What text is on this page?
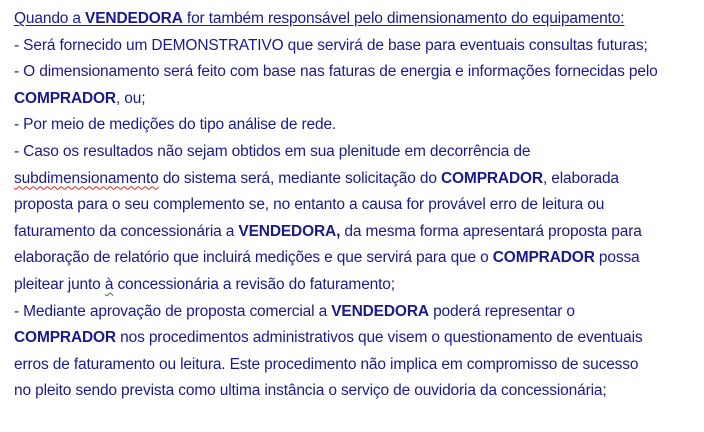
Quando a VENDEDORA for também responsável pelo dimensionamento do equipamento:
- Será fornecido um DEMONSTRATIVO que servirá de base para eventuais consultas futuras;
- O dimensionamento será feito com base nas faturas de energia e informações fornecidas pelo
COMPRADOR, ou;
- Por meio de medições do tipo análise de rede.
- Caso os resultados não sejam obtidos em sua plenitude em decorrência de
subdimensionamento do sistema será, mediante solicitação do COMPRADOR, elaborada
proposta para o seu complemento se, no entanto a causa for provável erro de leitura ou
faturamento da concessionária a VENDEDORA, da mesma forma apresentará proposta para
elaboração de relatório que incluirá medições e que servirá para que o COMPRADOR possa
pleitear junto à concessionária a revisão do faturamento;
- Mediante aprovação de proposta comercial a VENDEDORA poderá representar o
COMPRADOR nos procedimentos administrativos que visem o questionamento de eventuais
erros de faturamento ou leitura. Este procedimento não implica em compromisso de sucesso
no pleito sendo prevista como ultima instância o serviço de ouvidoria da concessionária;
